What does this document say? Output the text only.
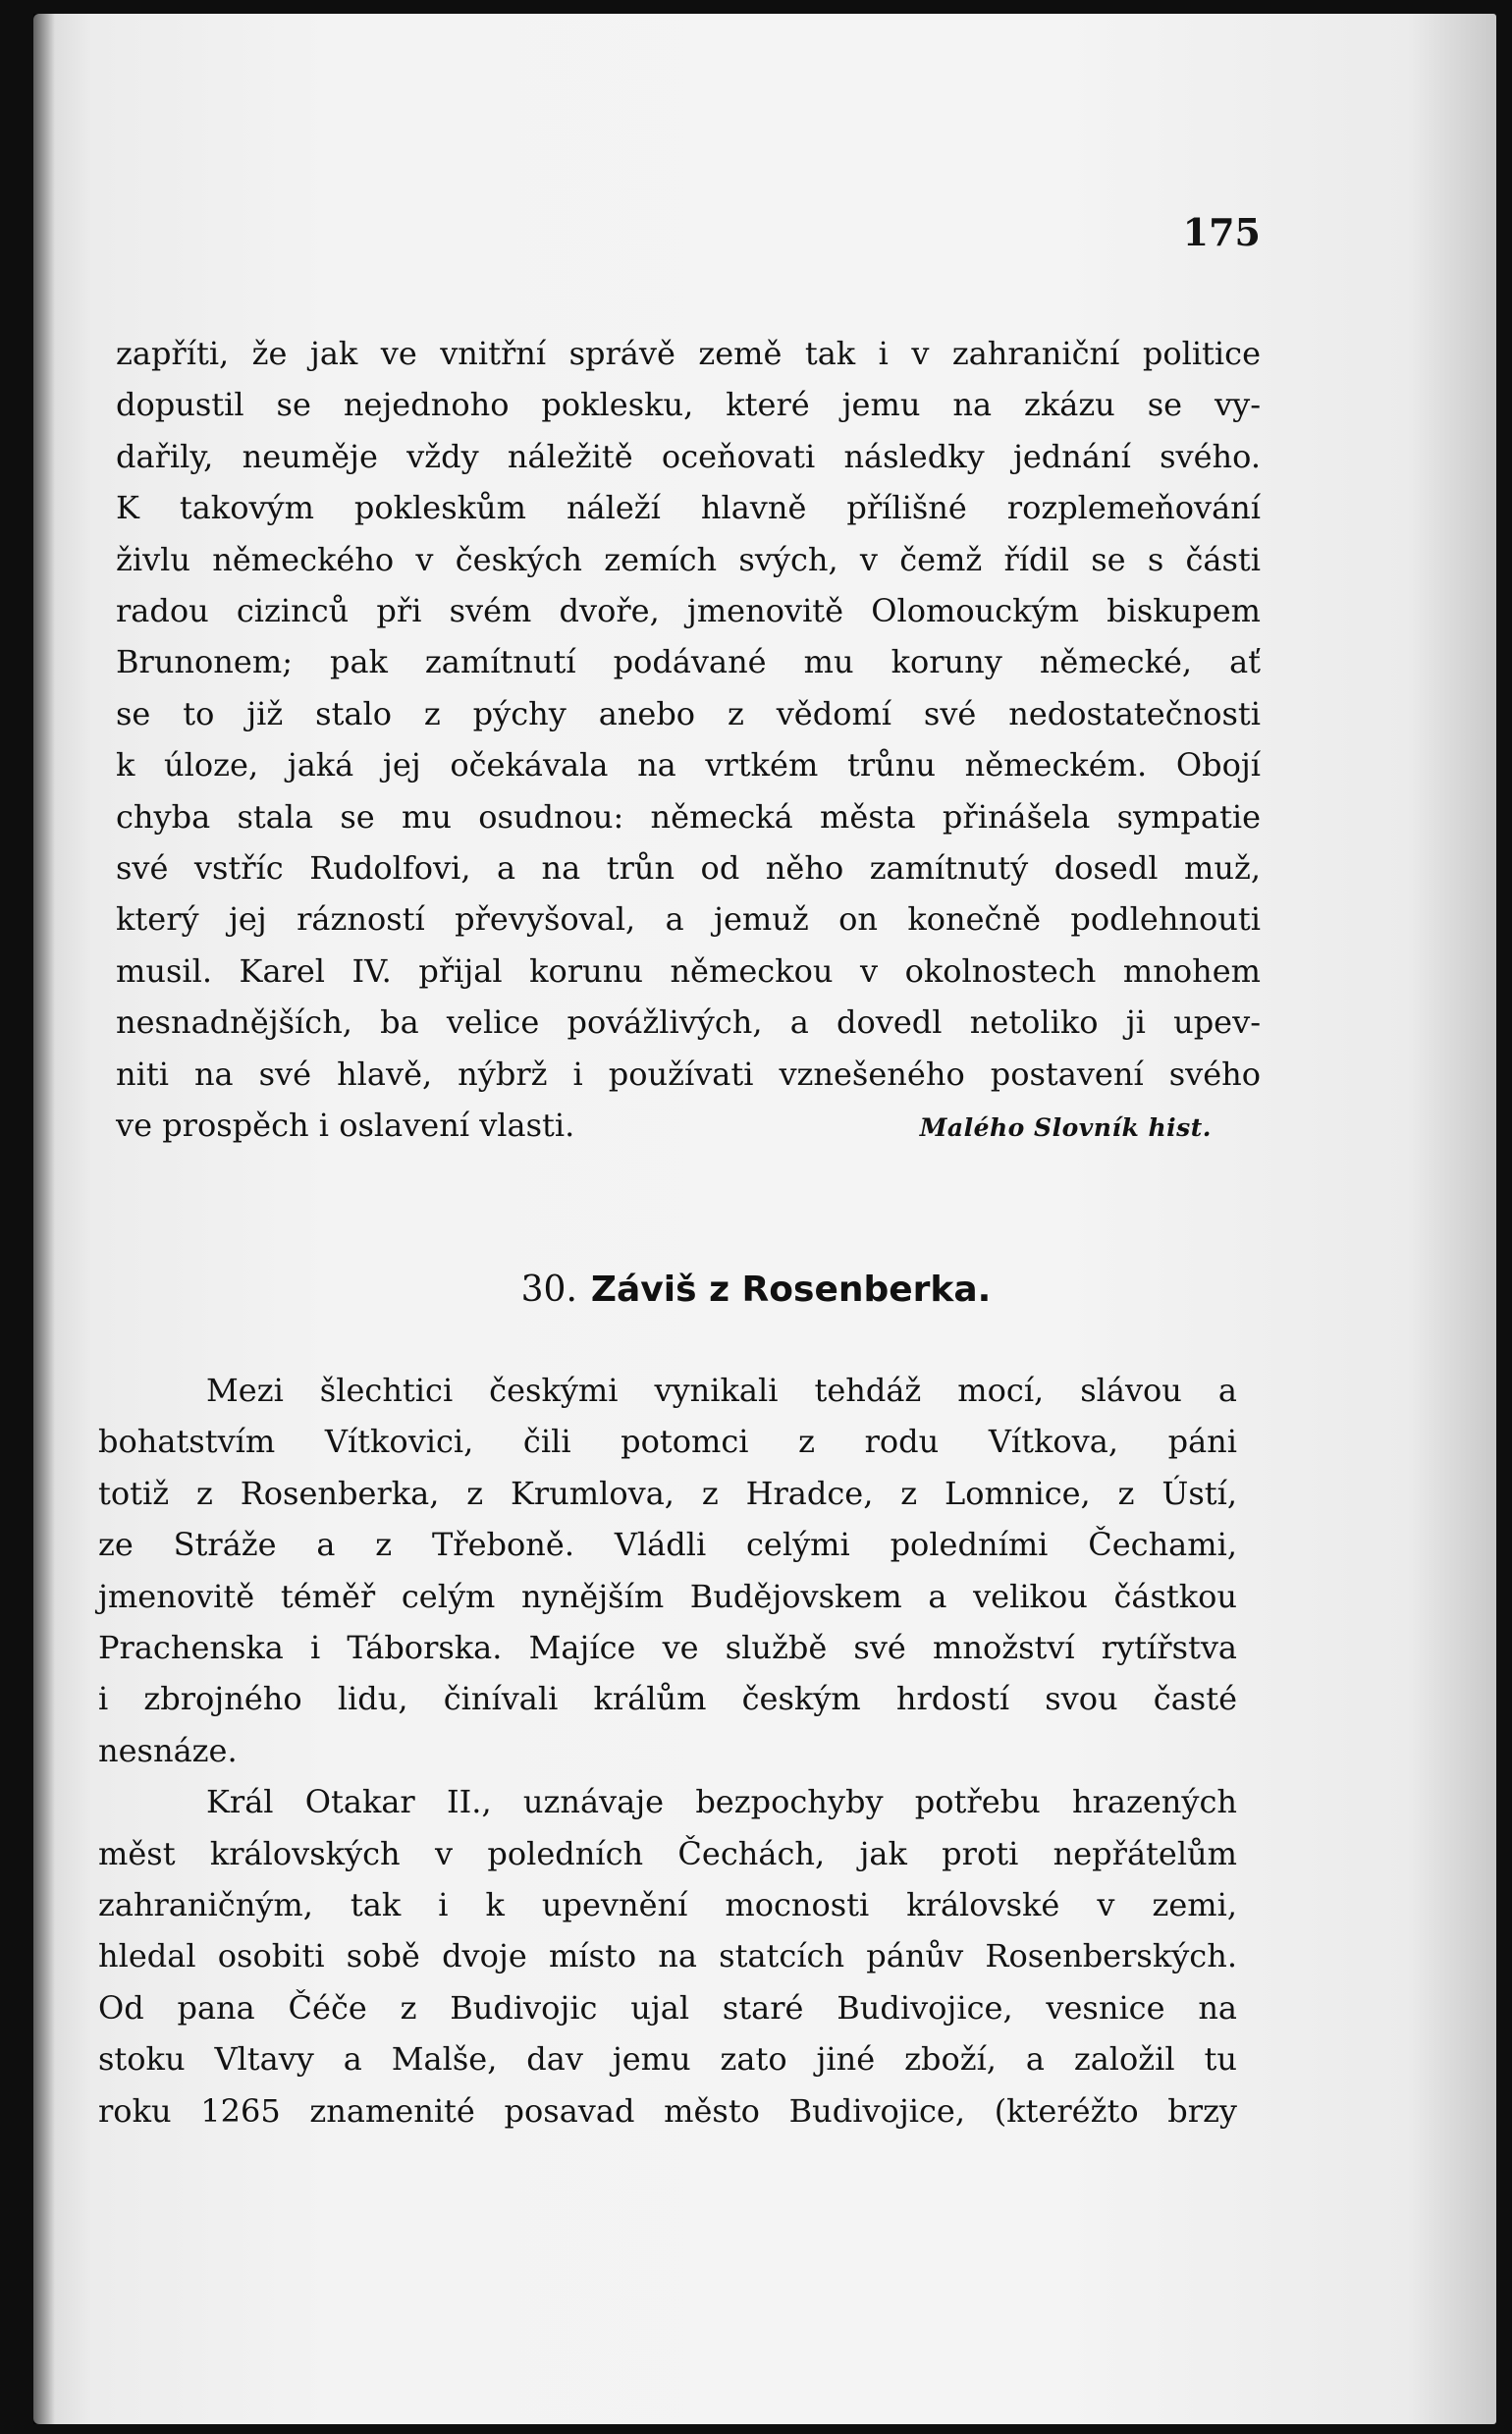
175
zapříti, že jak ve vnitřní správě země tak i v zahraniční politice
dopustil se nejednoho poklesku, které jemu na zkázu se vy-
dařily, neuměje vždy náležitě oceňovati následky jednání svého.
K takovým pokleskům náleží hlavně přílišné rozplemeňování
živlu německého v českých zemích svých, v čemž řídil se s části
radou cizinců při svém dvoře, jmenovitě Olomouckým biskupem
Brunonem; pak zamítnutí podávané mu koruny německé, ať
se to již stalo z pýchy anebo z vědomí své nedostatečnosti
k úloze, jaká jej očekávala na vrtkém trůnu německém. Obojí
chyba stala se mu osudnou: německá města přinášela sympatie
své vstříc Rudolfovi, a na trůn od něho zamítnutý dosedl muž,
který jej rázností převyšoval, a jemuž on konečně podlehnouti
musil. Karel IV. přijal korunu německou v okolnostech mnohem
nesnadnějších, ba velice povážlivých, a dovedl netoliko ji upev-
niti na své hlavě, nýbrž i používati vznešeného postavení svého
ve prospěch i oslavení vlasti.	Malého Slovník hist.
30. Záviš z Rosenberka.
Mezi šlechtici českými vynikali tehdáž mocí, slávou a
bohatstvím Vítkovici, čili potomci z rodu Vítkova, páni
totiž z Rosenberka, z Krumlova, z Hradce, z Lomnice, z Ústí,
ze Stráže a z Třeboně. Vládli celými poledními Čechami,
jmenovitě téměř celým nynějším Budějovskem a velikou částkou
Prachenska i Táborska. Majíce ve službě své množství rytířstva
i zbrojného lidu, činívali králům českým hrdostí svou časté
nesnáze.
Král Otakar II., uznávaje bezpochyby potřebu hrazených
měst královských v poledních Čechách, jak proti nepřátelům
zahraničným, tak i k upevnění mocnosti královské v zemi,
hledal osobiti sobě dvoje místo na statcích pánův Rosenberských.
Od pana Čéče z Budivojic ujal staré Budivojice, vesnice na
stoku Vltavy a Malše, dav jemu zato jiné zboží, a založil tu
roku 1265 znamenité posavad město Budivojice, (kteréžto brzy
